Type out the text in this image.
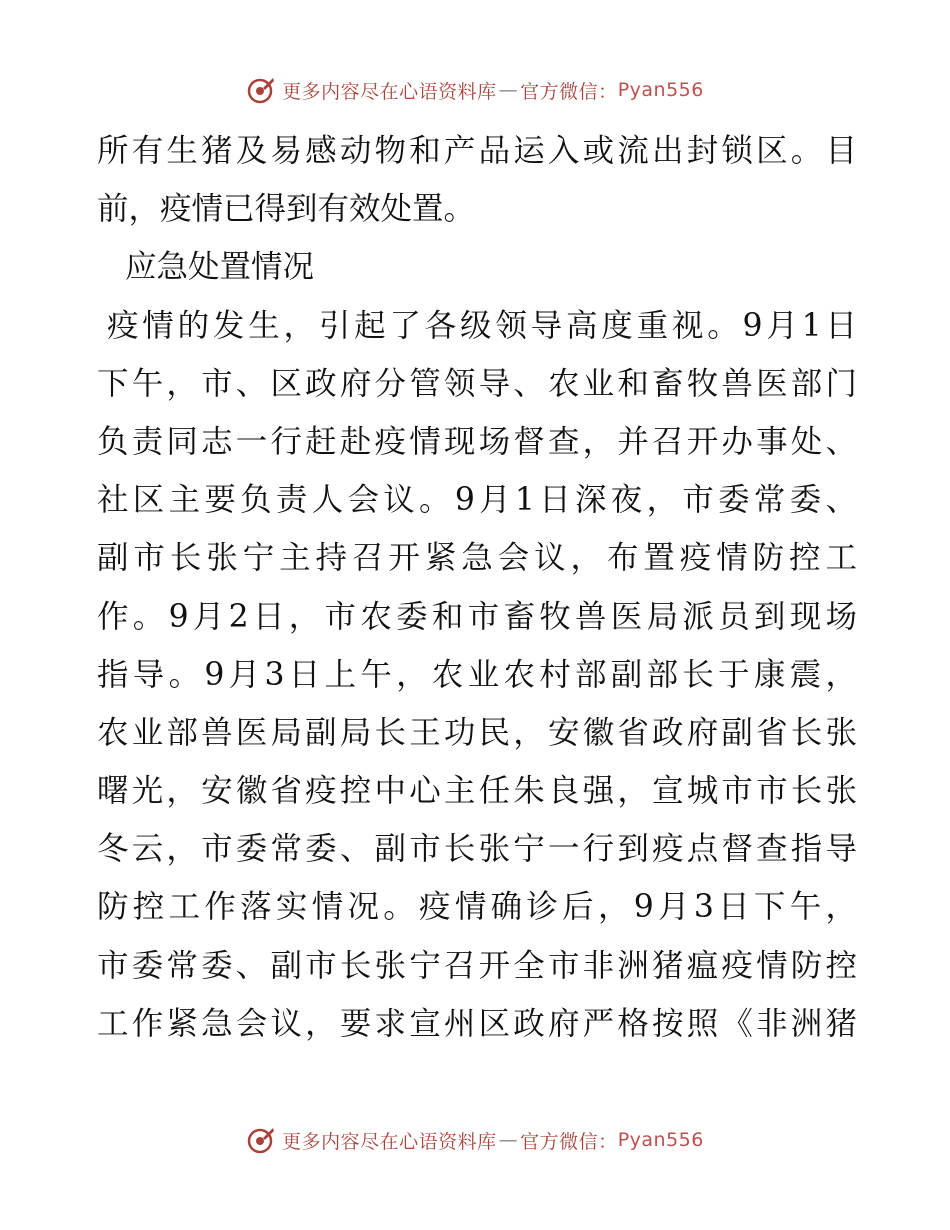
更多内容尽在心语资料库 — 官方微信： Pyan556
所有生猪及易感动物和产品运入或流出封锁区。目
前，疫情已得到有效处置。
应急处置情况
疫情的发生，引起了各级领导高度重视。9月1日
下午，市、区政府分管领导、农业和畜牧兽医部门
负责同志一行赶赴疫情现场督查，并召开办事处、
社区主要负责人会议。9月1日深夜，市委常委、
副市长张宁主持召开紧急会议，布置疫情防控工
作。9月2日，市农委和市畜牧兽医局派员到现场
指导。9月3日上午，农业农村部副部长于康震，
农业部兽医局副局长王功民，安徽省政府副省长张
曙光，安徽省疫控中心主任朱良强，宣城市市长张
冬云，市委常委、副市长张宁一行到疫点督查指导
防控工作落实情况。疫情确诊后，9月3日下午，
市委常委、副市长张宁召开全市非洲猪瘟疫情防控
工作紧急会议，要求宣州区政府严格按照《非洲猪
更多内容尽在心语资料库 — 官方微信： Pyan556
